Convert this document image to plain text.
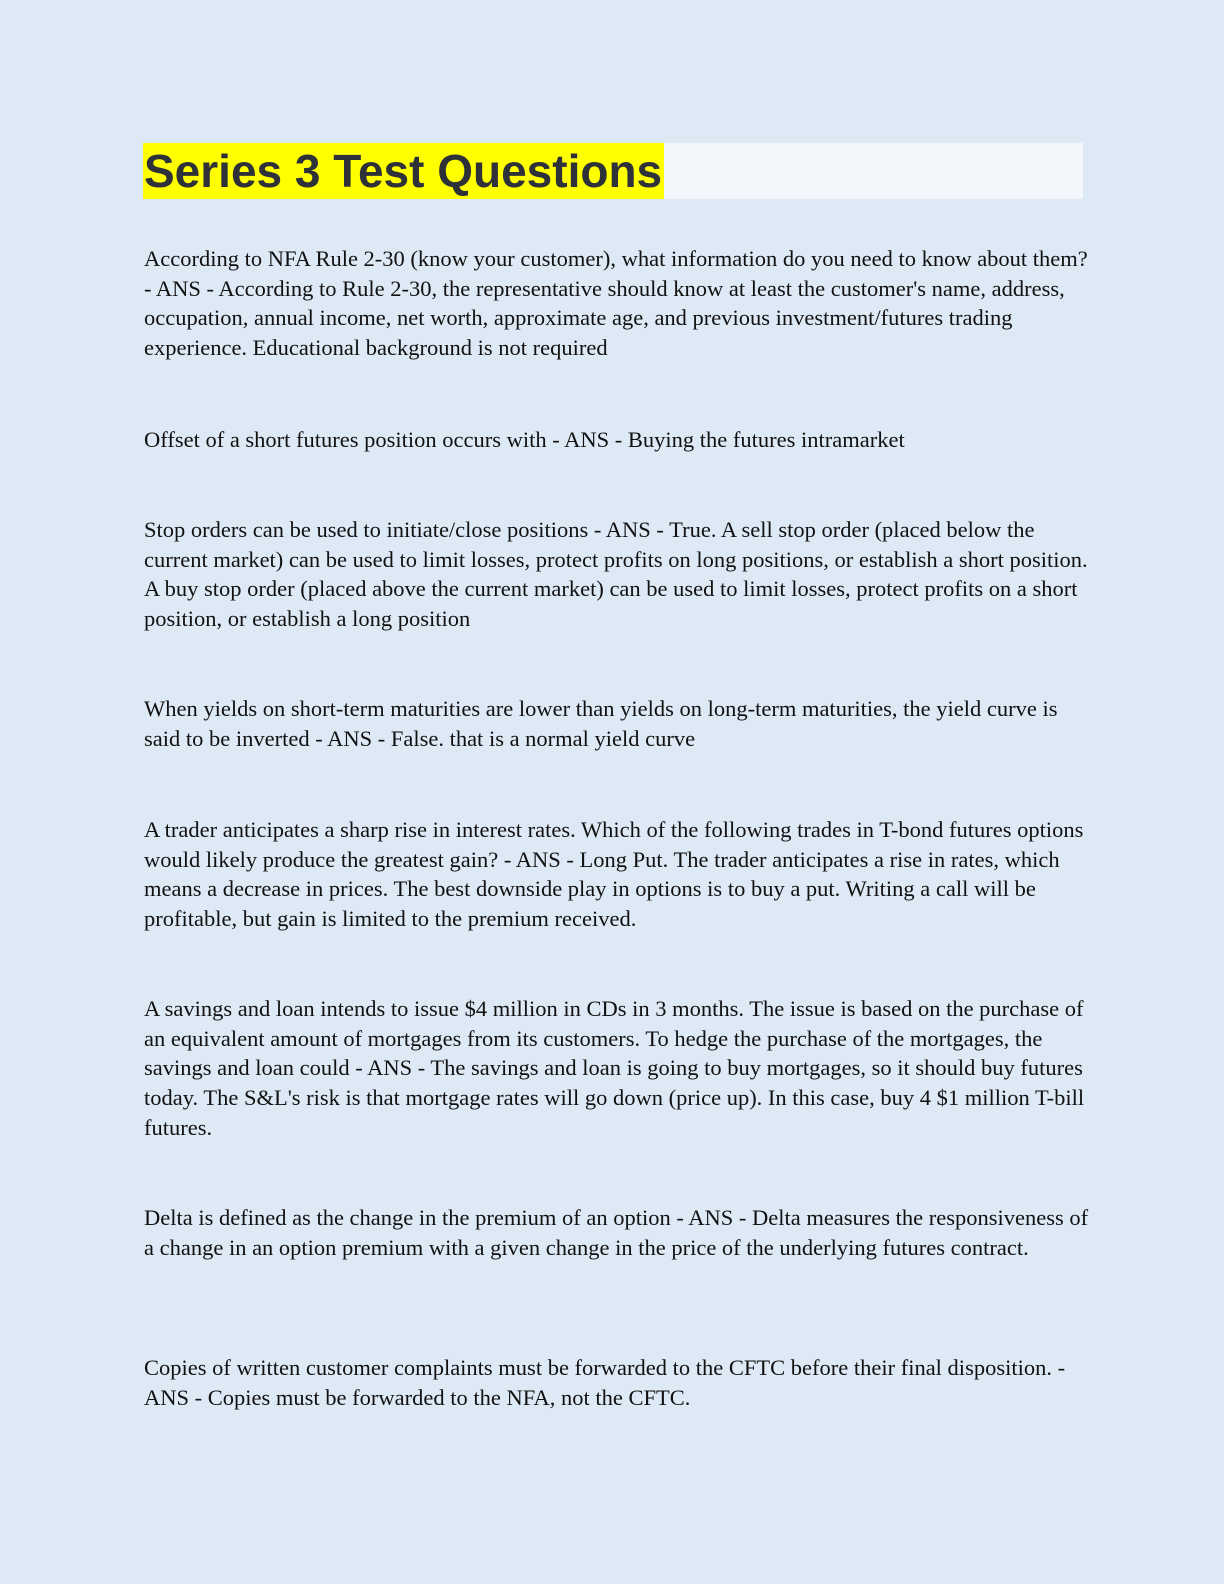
Series 3 Test Questions

According to NFA Rule 2-30 (know your customer), what information do you need to know about them? - ANS - According to Rule 2-30, the representative should know at least the customer's name, address, occupation, annual income, net worth, approximate age, and previous investment/futures trading experience. Educational background is not required

Offset of a short futures position occurs with - ANS - Buying the futures intramarket

Stop orders can be used to initiate/close positions - ANS - True. A sell stop order (placed below the current market) can be used to limit losses, protect profits on long positions, or establish a short position. A buy stop order (placed above the current market) can be used to limit losses, protect profits on a short position, or establish a long position

When yields on short-term maturities are lower than yields on long-term maturities, the yield curve is said to be inverted - ANS - False. that is a normal yield curve

A trader anticipates a sharp rise in interest rates. Which of the following trades in T-bond futures options would likely produce the greatest gain? - ANS - Long Put. The trader anticipates a rise in rates, which means a decrease in prices. The best downside play in options is to buy a put. Writing a call will be profitable, but gain is limited to the premium received.

A savings and loan intends to issue $4 million in CDs in 3 months. The issue is based on the purchase of an equivalent amount of mortgages from its customers. To hedge the purchase of the mortgages, the savings and loan could - ANS - The savings and loan is going to buy mortgages, so it should buy futures today. The S&L's risk is that mortgage rates will go down (price up). In this case, buy 4 $1 million T-bill futures.

Delta is defined as the change in the premium of an option - ANS - Delta measures the responsiveness of a change in an option premium with a given change in the price of the underlying futures contract.

Copies of written customer complaints must be forwarded to the CFTC before their final disposition. - ANS - Copies must be forwarded to the NFA, not the CFTC.
